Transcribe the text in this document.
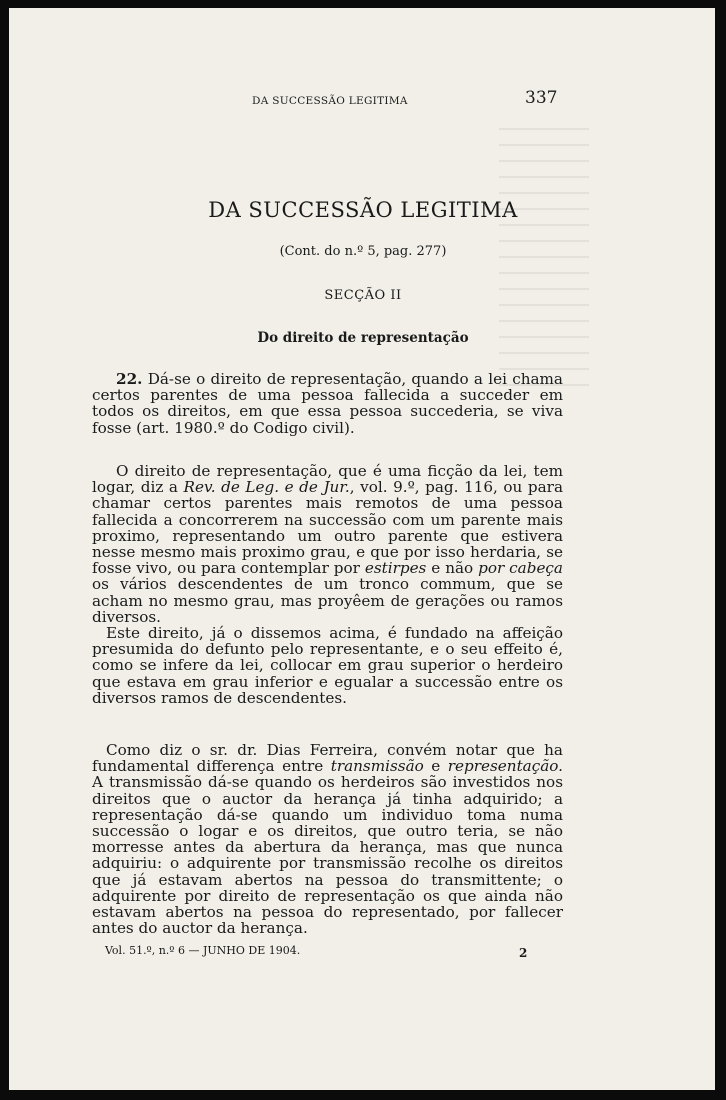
DA SUCCESSÃO LEGITIMA	337
DA SUCCESSÃO LEGITIMA
(Cont. do n.º 5, pag. 277)
SECÇÃO II
Do direito de representação

22. Dá-se o direito de representação, quando a lei chama certos parentes de uma pessoa fallecida a succeder em todos os direitos, em que essa pessoa succederia, se viva fosse (art. 1980.º do Codigo civil).

O direito de representação, que é uma ficção da lei, tem logar, diz a Rev. de Leg. e de Jur., vol. 9.º, pag. 116, ou para chamar certos parentes mais remotos de uma pessoa fallecida a concorrerem na successão com um parente mais proximo, representando um outro parente que estivera nesse mesmo mais proximo grau, e que por isso herdaria, se fosse vivo, ou para contemplar por estirpes e não por cabeça os vários descendentes de um tronco commum, que se acham no mesmo grau, mas proyêem de gerações ou ramos diversos.
Este direito, já o dissemos acima, é fundado na affeição presumida do defunto pelo representante, e o seu effeito é, como se infere da lei, collocar em grau superior o herdeiro que estava em grau inferior e egualar a successão entre os diversos ramos de descendentes.

Como diz o sr. dr. Dias Ferreira, convém notar que ha fundamental differença entre transmissão e representação. A transmissão dá-se quando os herdeiros são investidos nos direitos que o auctor da herança já tinha adquirido; a representação dá-se quando um individuo toma numa successão o logar e os direitos, que outro teria, se não morresse antes da abertura da herança, mas que nunca adquiriu: o adquirente por transmissão recolhe os direitos que já estavam abertos na pessoa do transmittente; o adquirente por direito de representação os que ainda não estavam abertos na pessoa do representado, por fallecer antes do auctor da herança.

Vol. 51.º, n.º 6 — JUNHO DE 1904.	2
